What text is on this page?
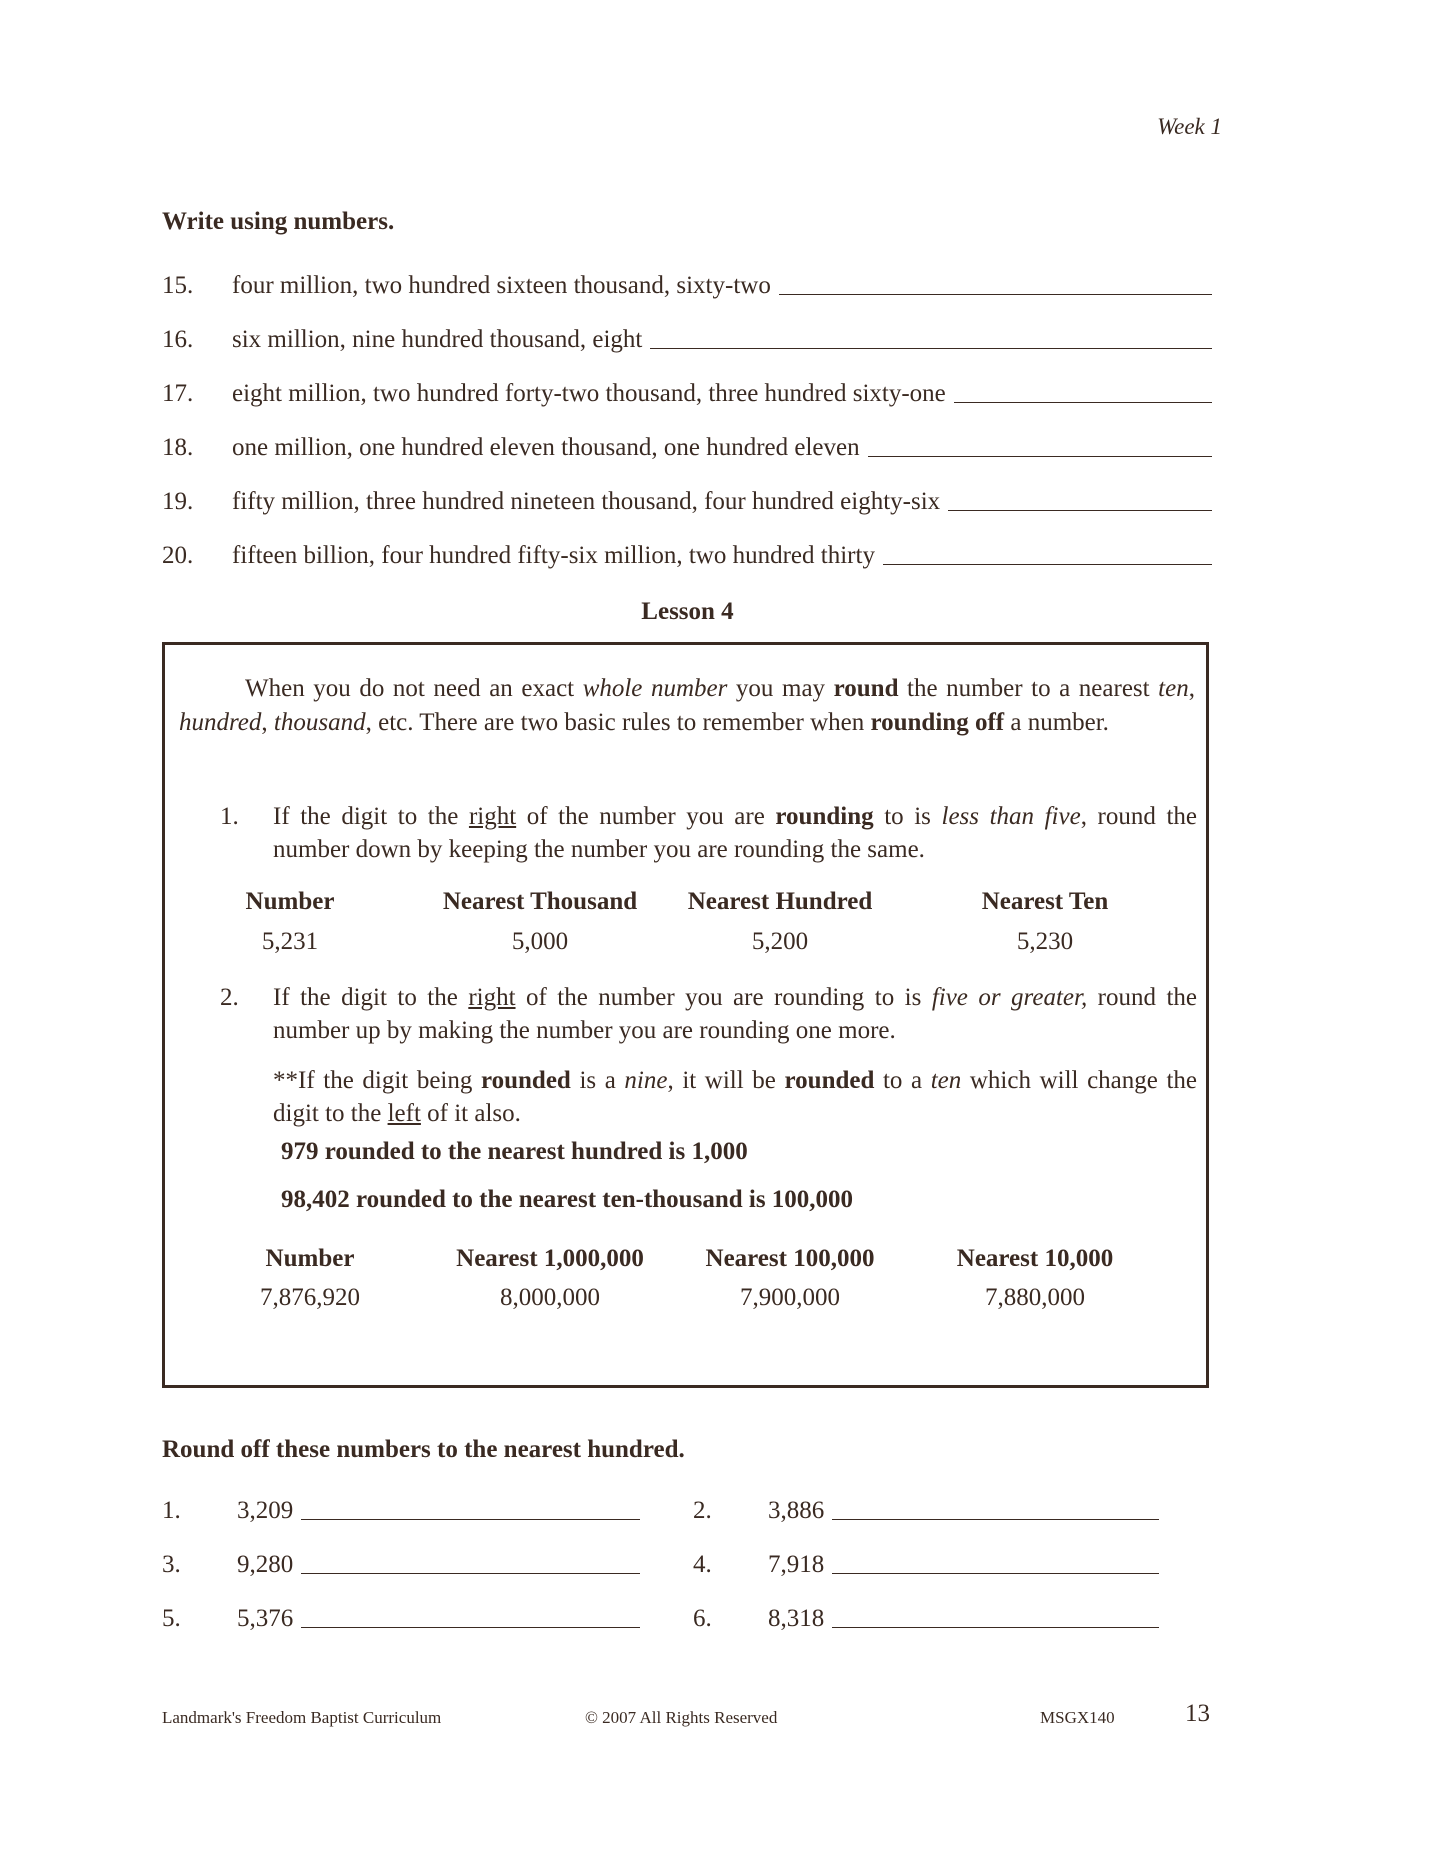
Week 1
Write using numbers.
15.	four million, two hundred sixteen thousand, sixty-two
16.	six million, nine hundred thousand, eight
17.	eight million, two hundred forty-two thousand, three hundred sixty-one
18.	one million, one hundred eleven thousand, one hundred eleven
19.	fifty million, three hundred nineteen thousand, four hundred eighty-six
20.	fifteen billion, four hundred fifty-six million, two hundred thirty
Lesson 4
When you do not need an exact whole number you may round the number to a nearest ten, hundred, thousand, etc. There are two basic rules to remember when rounding off a number.
1.	If the digit to the right of the number you are rounding to is less than five, round the number down by keeping the number you are rounding the same.
Number	Nearest Thousand	Nearest Hundred	Nearest Ten
5,231	5,000	5,200	5,230
2.	If the digit to the right of the number you are rounding to is five or greater, round the number up by making the number you are rounding one more.
**If the digit being rounded is a nine, it will be rounded to a ten which will change the digit to the left of it also.
979 rounded to the nearest hundred is 1,000
98,402 rounded to the nearest ten-thousand is 100,000
Number	Nearest 1,000,000	Nearest 100,000	Nearest 10,000
7,876,920	8,000,000	7,900,000	7,880,000
Round off these numbers to the nearest hundred.
1.	3,209	2.	3,886
3.	9,280	4.	7,918
5.	5,376	6.	8,318
Landmark's Freedom Baptist Curriculum	© 2007 All Rights Reserved	MSGX140	13
